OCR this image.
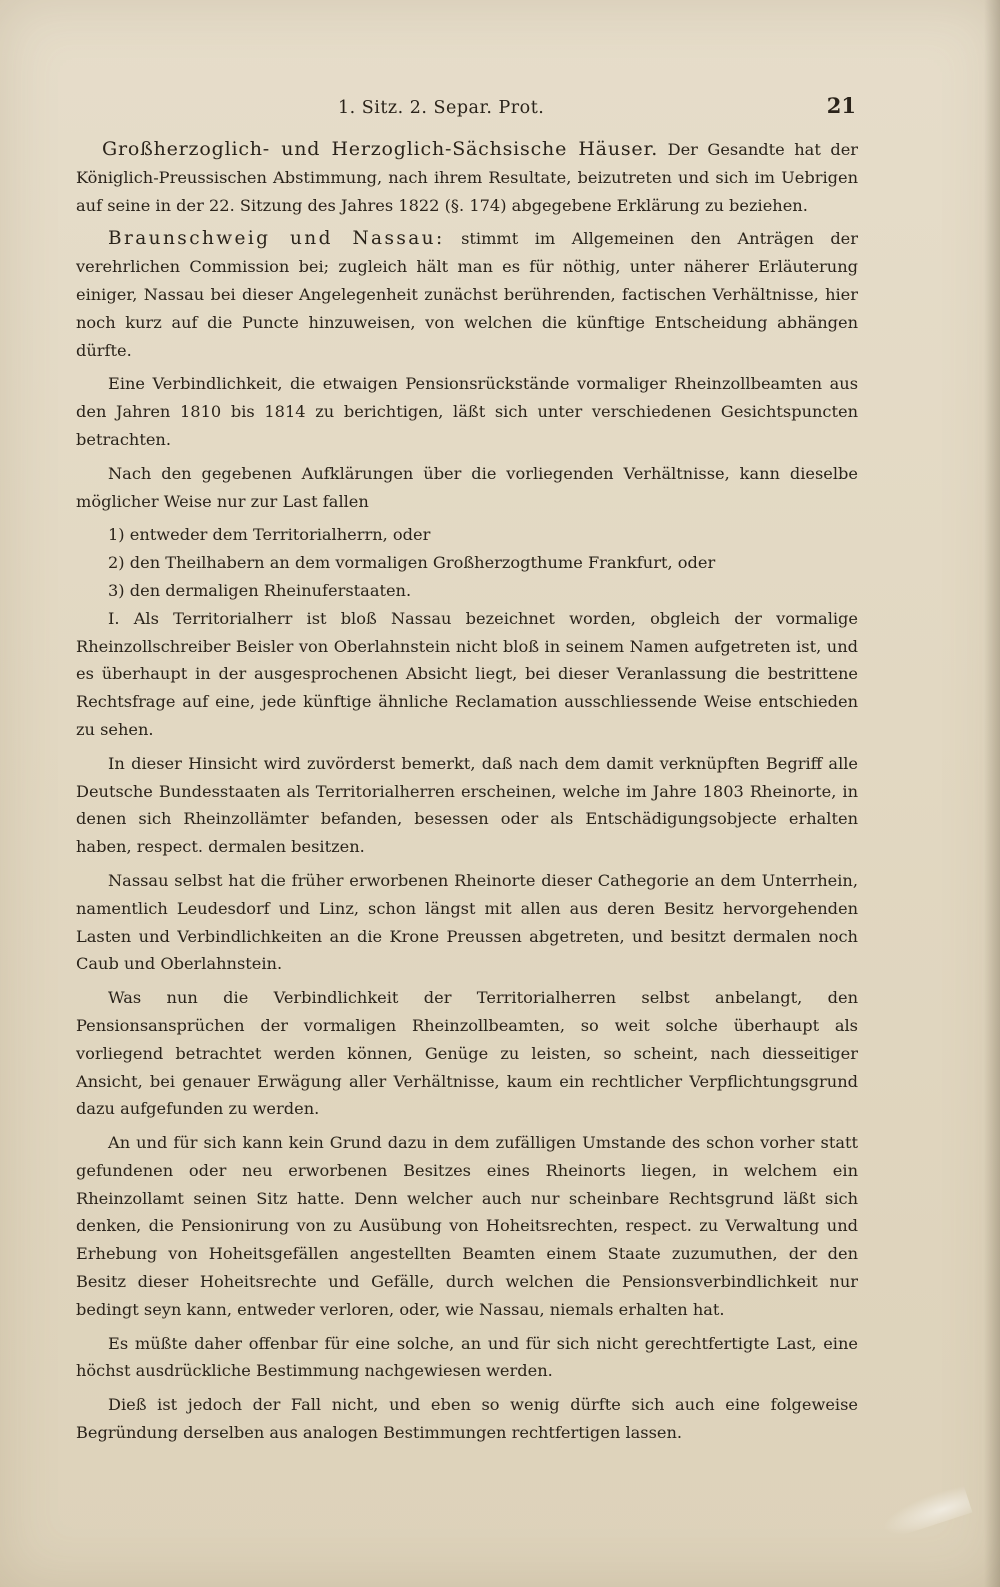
1. Sitz. 2. Separ. Prot.	21

Großherzoglich- und Herzoglich-Sächsische Häuser. Der Gesandte hat der Königlich-Preussischen Abstimmung, nach ihrem Resultate, beizutreten und sich im Uebrigen auf seine in der 22. Sitzung des Jahres 1822 (§. 174) abgegebene Erklärung zu beziehen.

Braunschweig und Nassau: stimmt im Allgemeinen den Anträgen der verehrlichen Commission bei; zugleich hält man es für nöthig, unter näherer Erläuterung einiger, Nassau bei dieser Angelegenheit zunächst berührenden, factischen Verhältnisse, hier noch kurz auf die Puncte hinzuweisen, von welchen die künftige Entscheidung abhängen dürfte.

Eine Verbindlichkeit, die etwaigen Pensionsrückstände vormaliger Rheinzollbeamten aus den Jahren 1810 bis 1814 zu berichtigen, läßt sich unter verschiedenen Gesichtspuncten betrachten.

Nach den gegebenen Aufklärungen über die vorliegenden Verhältnisse, kann dieselbe möglicher Weise nur zur Last fallen

1) entweder dem Territorialherrn, oder
2) den Theilhabern an dem vormaligen Großherzogthume Frankfurt, oder
3) den dermaligen Rheinuferstaaten.

I. Als Territorialherr ist bloß Nassau bezeichnet worden, obgleich der vormalige Rheinzollschreiber Beisler von Oberlahnstein nicht bloß in seinem Namen aufgetreten ist, und es überhaupt in der ausgesprochenen Absicht liegt, bei dieser Veranlassung die bestrittene Rechtsfrage auf eine, jede künftige ähnliche Reclamation ausschliessende Weise entschieden zu sehen.

In dieser Hinsicht wird zuvörderst bemerkt, daß nach dem damit verknüpften Begriff alle Deutsche Bundesstaaten als Territorialherren erscheinen, welche im Jahre 1803 Rheinorte, in denen sich Rheinzollämter befanden, besessen oder als Entschädigungsobjecte erhalten haben, respect. dermalen besitzen.

Nassau selbst hat die früher erworbenen Rheinorte dieser Cathegorie an dem Unterrhein, namentlich Leudesdorf und Linz, schon längst mit allen aus deren Besitz hervorgehenden Lasten und Verbindlichkeiten an die Krone Preussen abgetreten, und besitzt dermalen noch Caub und Oberlahnstein.

Was nun die Verbindlichkeit der Territorialherren selbst anbelangt, den Pensionsansprüchen der vormaligen Rheinzollbeamten, so weit solche überhaupt als vorliegend betrachtet werden können, Genüge zu leisten, so scheint, nach diesseitiger Ansicht, bei genauer Erwägung aller Verhältnisse, kaum ein rechtlicher Verpflichtungsgrund dazu aufgefunden zu werden.

An und für sich kann kein Grund dazu in dem zufälligen Umstande des schon vorher statt gefundenen oder neu erworbenen Besitzes eines Rheinorts liegen, in welchem ein Rheinzollamt seinen Sitz hatte. Denn welcher auch nur scheinbare Rechtsgrund läßt sich denken, die Pensionirung von zu Ausübung von Hoheitsrechten, respect. zu Verwaltung und Erhebung von Hoheitsgefällen angestellten Beamten einem Staate zuzumuthen, der den Besitz dieser Hoheitsrechte und Gefälle, durch welchen die Pensionsverbindlichkeit nur bedingt seyn kann, entweder verloren, oder, wie Nassau, niemals erhalten hat.

Es müßte daher offenbar für eine solche, an und für sich nicht gerechtfertigte Last, eine höchst ausdrückliche Bestimmung nachgewiesen werden.

Dieß ist jedoch der Fall nicht, und eben so wenig dürfte sich auch eine folgeweise Begründung derselben aus analogen Bestimmungen rechtfertigen lassen.
